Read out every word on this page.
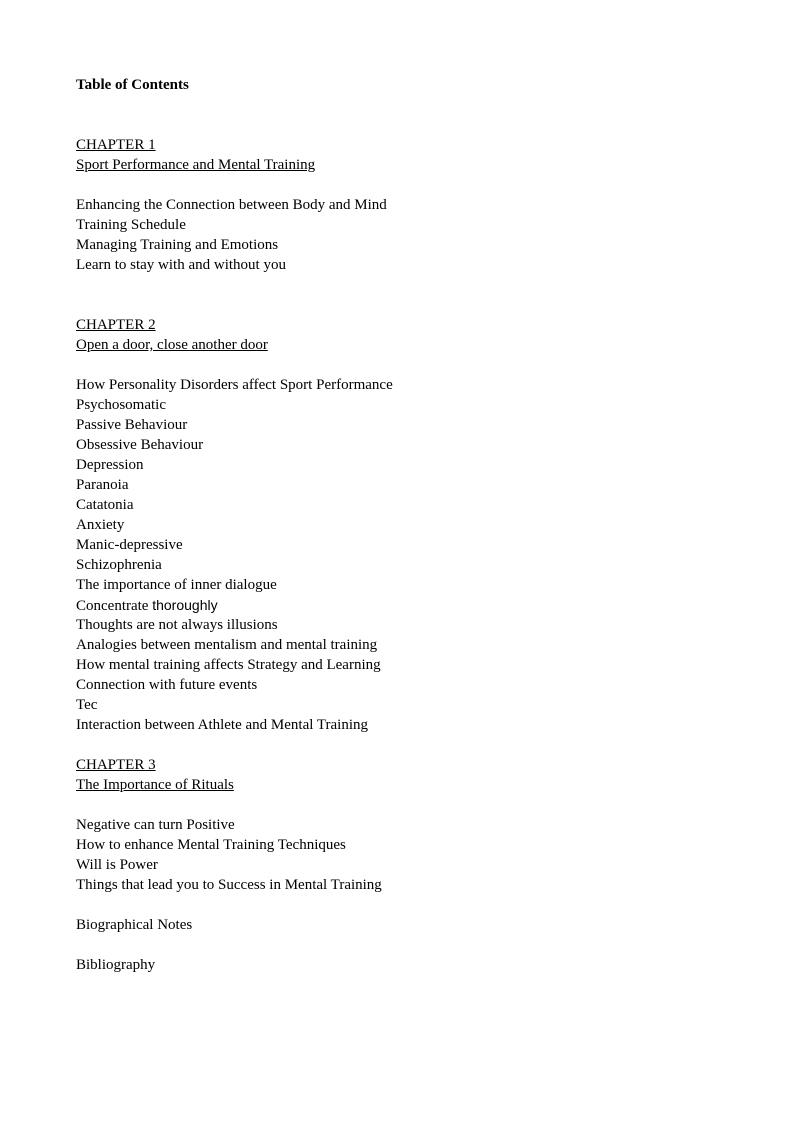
Table of Contents

CHAPTER 1
Sport Performance and Mental Training
Enhancing the Connection between Body and Mind
Training Schedule
Managing Training and Emotions
Learn to stay with and without you
CHAPTER 2
Open a door, close another door
How Personality Disorders affect Sport Performance
Psychosomatic
Passive Behaviour
Obsessive Behaviour
Depression
Paranoia
Catatonia
Anxiety
Manic-depressive
Schizophrenia
The importance of inner dialogue
Concentrate thoroughly
Thoughts are not always illusions
Analogies between mentalism and mental training
How mental training affects Strategy and Learning
Connection with future events
Tec
Interaction between Athlete and Mental Training
CHAPTER 3
The Importance of Rituals
Negative can turn Positive
How to enhance Mental Training Techniques
Will is Power
Things that lead you to Success in Mental Training
Biographical Notes
Bibliography
